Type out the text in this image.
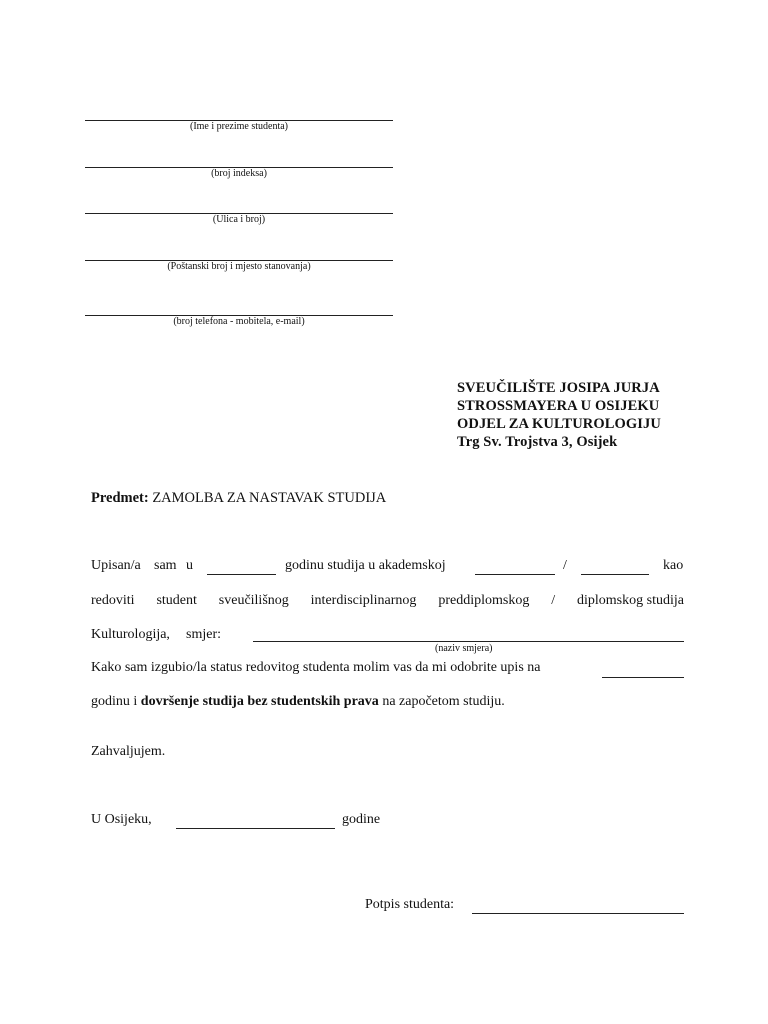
(Ime i prezime studenta)
(broj indeksa)
(Ulica i broj)
(Poštanski broj i mjesto stanovanja)
(broj telefona - mobitela, e-mail)
SVEUČILIŠTE JOSIPA JURJA
STROSSMAYERA U OSIJEKU
ODJEL ZA KULTUROLOGIJU
Trg Sv. Trojstva 3, Osijek
Predmet: ZAMOLBA ZA NASTAVAK STUDIJA
Upisan/a sam u	godinu studija u akademskoj	/	kao
redoviti student sveučilišnog interdisciplinarnog preddiplomskog / diplomskog studija
Kulturologija, smjer:
(naziv smjera)
Kako sam izgubio/la status redovitog studenta molim vas da mi odobrite upis na
godinu i dovršenje studija bez studentskih prava na započetom studiju.
Zahvaljujem.
U Osijeku,	godine
Potpis studenta:
